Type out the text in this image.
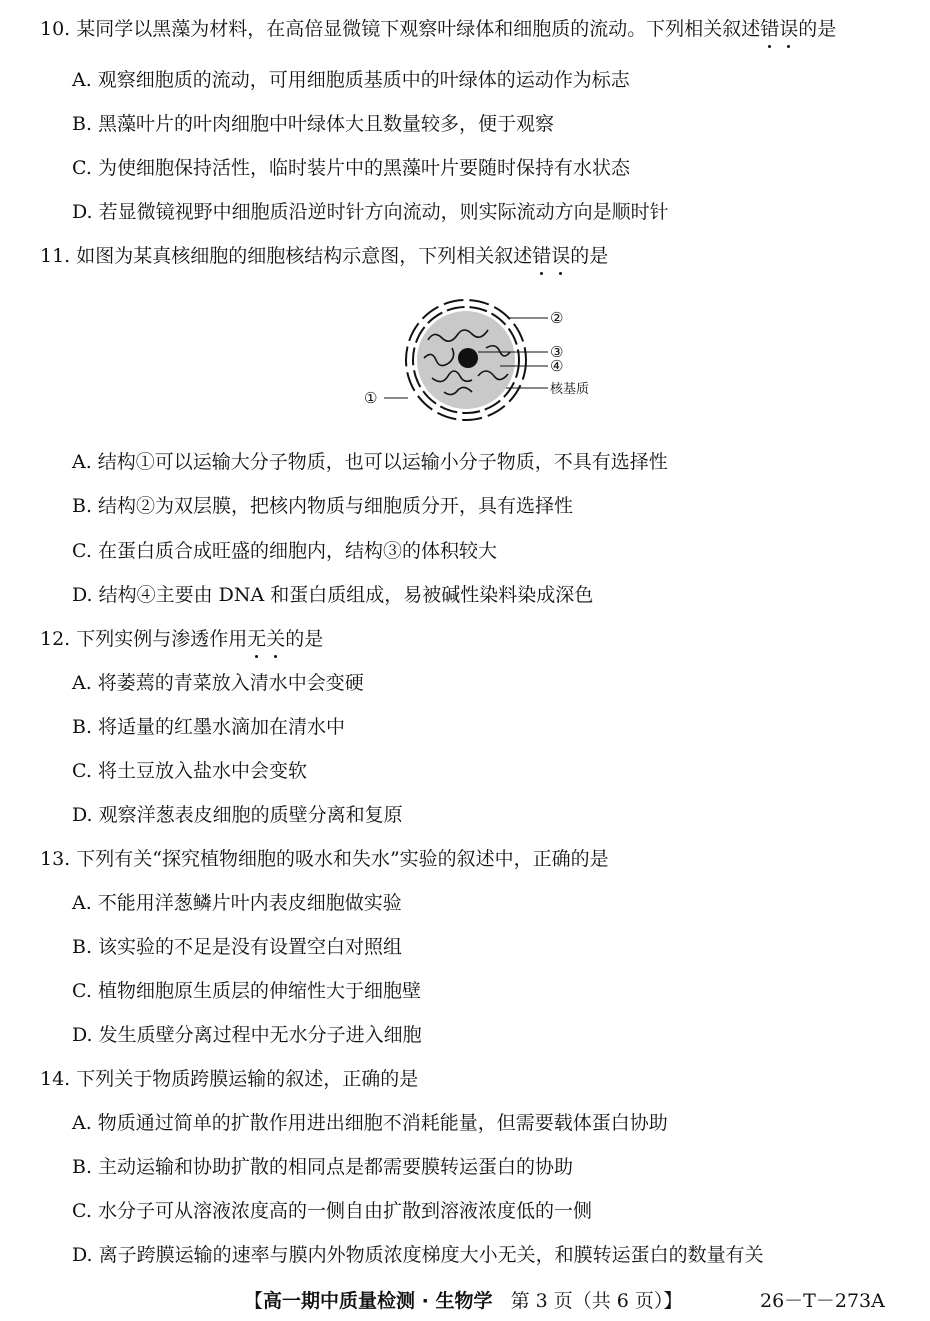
10. 某同学以黑藻为材料，在高倍显微镜下观察叶绿体和细胞质的流动。下列相关叙述错误的是
A. 观察细胞质的流动，可用细胞质基质中的叶绿体的运动作为标志
B. 黑藻叶片的叶肉细胞中叶绿体大且数量较多，便于观察
C. 为使细胞保持活性，临时装片中的黑藻叶片要随时保持有水状态
D. 若显微镜视野中细胞质沿逆时针方向流动，则实际流动方向是顺时针
11. 如图为某真核细胞的细胞核结构示意图，下列相关叙述错误的是
②
③
④
核基质
①
A. 结构①可以运输大分子物质，也可以运输小分子物质，不具有选择性
B. 结构②为双层膜，把核内物质与细胞质分开，具有选择性
C. 在蛋白质合成旺盛的细胞内，结构③的体积较大
D. 结构④主要由 DNA 和蛋白质组成，易被碱性染料染成深色
12. 下列实例与渗透作用无关的是
A. 将萎蔫的青菜放入清水中会变硬
B. 将适量的红墨水滴加在清水中
C. 将土豆放入盐水中会变软
D. 观察洋葱表皮细胞的质壁分离和复原
13. 下列有关“探究植物细胞的吸水和失水”实验的叙述中，正确的是
A. 不能用洋葱鳞片叶内表皮细胞做实验
B. 该实验的不足是没有设置空白对照组
C. 植物细胞原生质层的伸缩性大于细胞壁
D. 发生质壁分离过程中无水分子进入细胞
14. 下列关于物质跨膜运输的叙述，正确的是
A. 物质通过简单的扩散作用进出细胞不消耗能量，但需要载体蛋白协助
B. 主动运输和协助扩散的相同点是都需要膜转运蛋白的协助
C. 水分子可从溶液浓度高的一侧自由扩散到溶液浓度低的一侧
D. 离子跨膜运输的速率与膜内外物质浓度梯度大小无关，和膜转运蛋白的数量有关
【高一期中质量检测 · 生物学 第 3 页（共 6 页）】	26－T－273A
